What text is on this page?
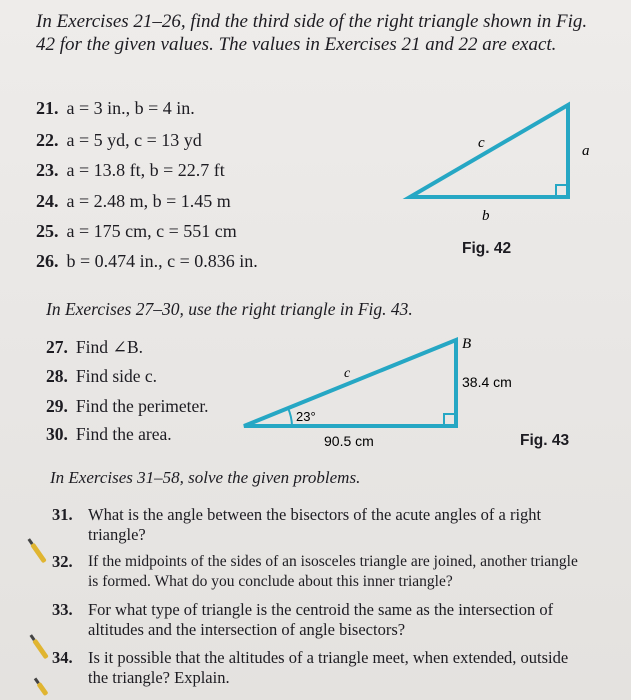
In Exercises 21–26, find the third side of the right triangle shown in Fig. 42 for the given values. The values in Exercises 21 and 22 are exact.
21. a = 3 in., b = 4 in.
22. a = 5 yd, c = 13 yd
23. a = 13.8 ft, b = 22.7 ft
24. a = 2.48 m, b = 1.45 m
25. a = 175 cm, c = 551 cm
26. b = 0.474 in., c = 0.836 in.
c	a
b
Fig. 42
In Exercises 27–30, use the right triangle in Fig. 43.
27. Find ∠B.
28. Find side c.
29. Find the perimeter.
30. Find the area.
B
c
38.4 cm
23°
90.5 cm	Fig. 43
In Exercises 31–58, solve the given problems.
31. What is the angle between the bisectors of the acute angles of a right triangle?
32. If the midpoints of the sides of an isosceles triangle are joined, another triangle is formed. What do you conclude about this inner triangle?
33. For what type of triangle is the centroid the same as the intersection of altitudes and the intersection of angle bisectors?
34. Is it possible that the altitudes of a triangle meet, when extended, outside the triangle? Explain.
